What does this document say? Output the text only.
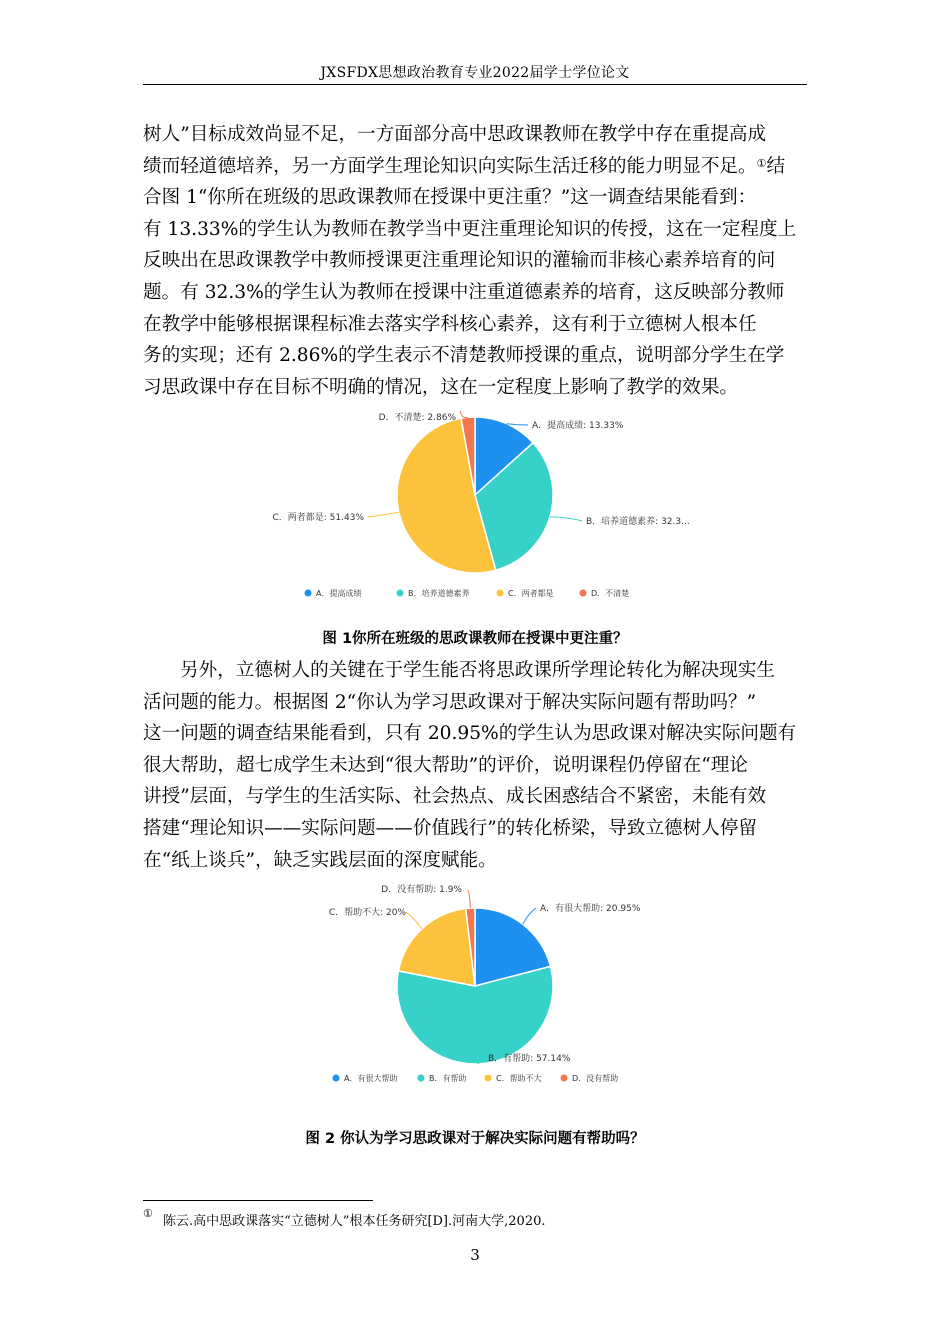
JXSFDX思想政治教育专业2022届学士学位论文
树人”目标成效尚显不足，一方面部分高中思政课教师在教学中存在重提高成
绩而轻道德培养，另一方面学生理论知识向实际生活迁移的能力明显不足。①结
合图 1“你所在班级的思政课教师在授课中更注重？”这一调查结果能看到：
有 13.33%的学生认为教师在教学当中更注重理论知识的传授，这在一定程度上
反映出在思政课教学中教师授课更注重理论知识的灌输而非核心素养培育的问
题。有 32.3%的学生认为教师在授课中注重道德素养的培育，这反映部分教师
在教学中能够根据课程标准去落实学科核心素养，这有利于立德树人根本任
务的实现；还有 2.86%的学生表示不清楚教师授课的重点，说明部分学生在学
习思政课中存在目标不明确的情况，这在一定程度上影响了教学的效果。
A．提高成绩: 13.33%
B．培养道德素养: 32.3...
C．两者都是: 51.43%
D．不清楚: 2.86%
A．提高成绩	B．培养道德素养	C．两者都是	D．不清楚
图 1你所在班级的思政课教师在授课中更注重？
另外，立德树人的关键在于学生能否将思政课所学理论转化为解决现实生
活问题的能力。根据图 2“你认为学习思政课对于解决实际问题有帮助吗？”
这一问题的调查结果能看到，只有 20.95%的学生认为思政课对解决实际问题有
很大帮助，超七成学生未达到“很大帮助”的评价，说明课程仍停留在“理论
讲授”层面，与学生的生活实际、社会热点、成长困惑结合不紧密，未能有效
搭建“理论知识——实际问题——价值践行”的转化桥梁，导致立德树人停留
在“纸上谈兵”，缺乏实践层面的深度赋能。
A．有很大帮助: 20.95%
B．有帮助: 57.14%
C．帮助不大: 20%
D．没有帮助: 1.9%
A．有很大帮助	B．有帮助	C．帮助不大	D．没有帮助
图 2 你认为学习思政课对于解决实际问题有帮助吗？
① 陈云.高中思政课落实“立德树人”根本任务研究[D].河南大学,2020.
3
